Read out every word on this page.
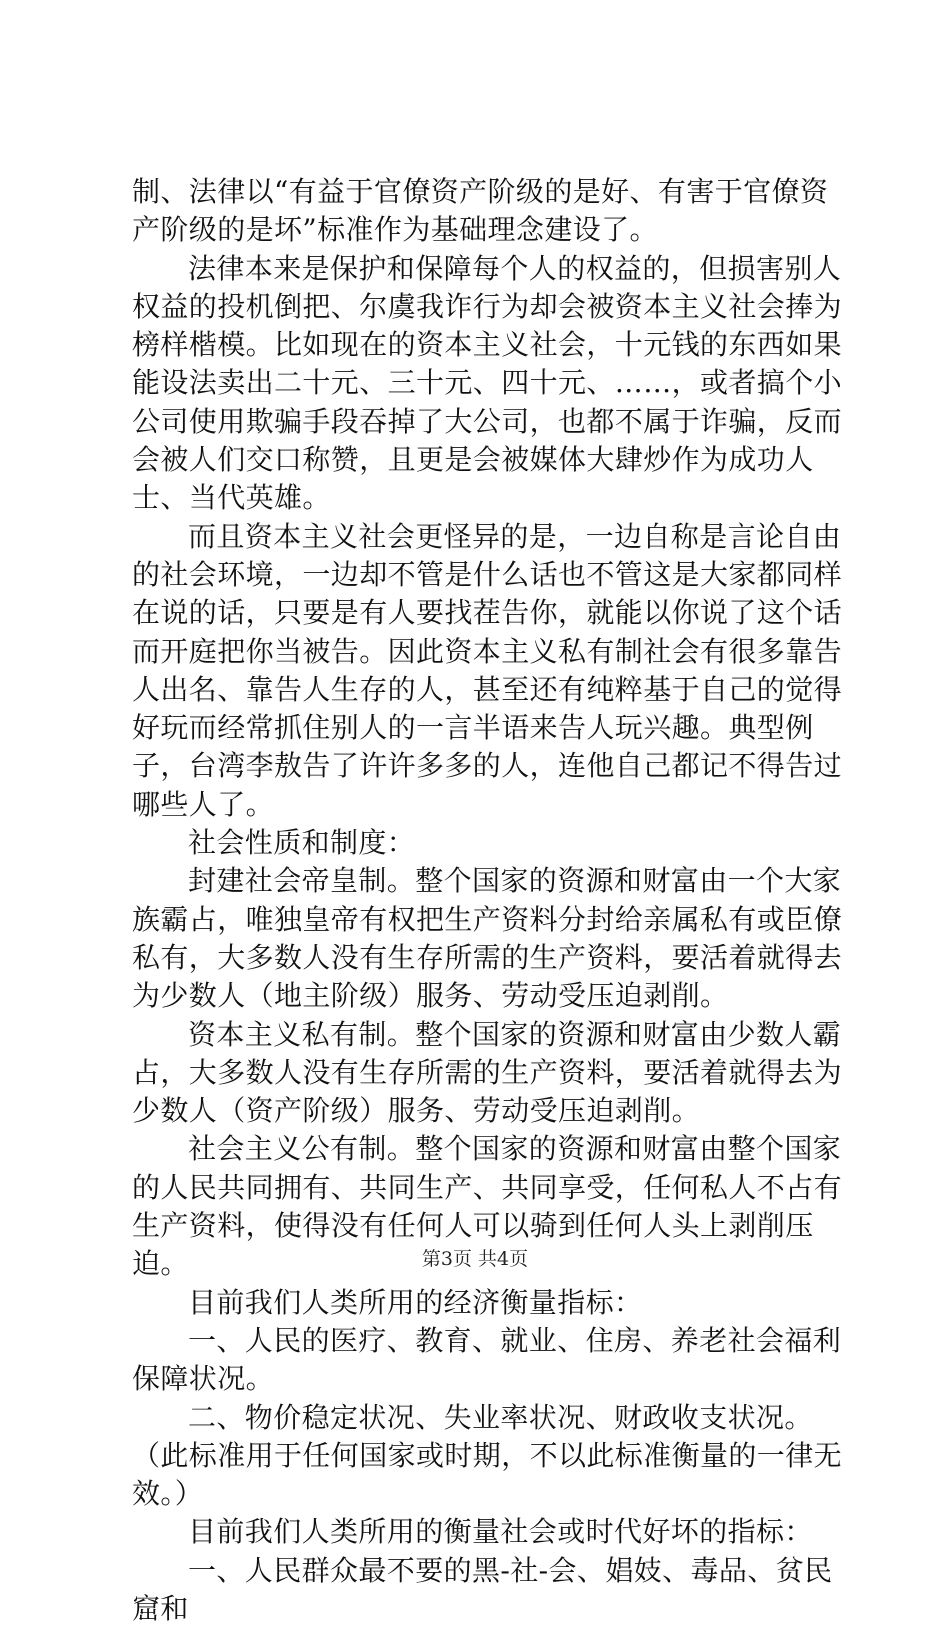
制、法律以“有益于官僚资产阶级的是好、有害于官僚资产阶级的是坏”标准作为基础理念建设了。

法律本来是保护和保障每个人的权益的，但损害别人权益的投机倒把、尔虞我诈行为却会被资本主义社会捧为榜样楷模。比如现在的资本主义社会，十元钱的东西如果能设法卖出二十元、三十元、四十元、……，或者搞个小公司使用欺骗手段吞掉了大公司，也都不属于诈骗，反而会被人们交口称赞，且更是会被媒体大肆炒作为成功人士、当代英雄。

而且资本主义社会更怪异的是，一边自称是言论自由的社会环境，一边却不管是什么话也不管这是大家都同样在说的话，只要是有人要找茬告你，就能以你说了这个话而开庭把你当被告。因此资本主义私有制社会有很多靠告人出名、靠告人生存的人，甚至还有纯粹基于自己的觉得好玩而经常抓住别人的一言半语来告人玩兴趣。典型例子，台湾李敖告了许许多多的人，连他自己都记不得告过哪些人了。

社会性质和制度：

封建社会帝皇制。整个国家的资源和财富由一个大家族霸占，唯独皇帝有权把生产资料分封给亲属私有或臣僚私有，大多数人没有生存所需的生产资料，要活着就得去为少数人（地主阶级）服务、劳动受压迫剥削。

资本主义私有制。整个国家的资源和财富由少数人霸占，大多数人没有生存所需的生产资料，要活着就得去为少数人（资产阶级）服务、劳动受压迫剥削。

社会主义公有制。整个国家的资源和财富由整个国家的人民共同拥有、共同生产、共同享受，任何私人不占有生产资料，使得没有任何人可以骑到任何人头上剥削压迫。

目前我们人类所用的经济衡量指标：

一、人民的医疗、教育、就业、住房、养老社会福利保障状况。

二、物价稳定状况、失业率状况、财政收支状况。（此标准用于任何国家或时期，不以此标准衡量的一律无效。）

目前我们人类所用的衡量社会或时代好坏的指标：

一、人民群众最不要的黑-社-会、娼妓、毒品、贫民窟和

第3页 共4页
